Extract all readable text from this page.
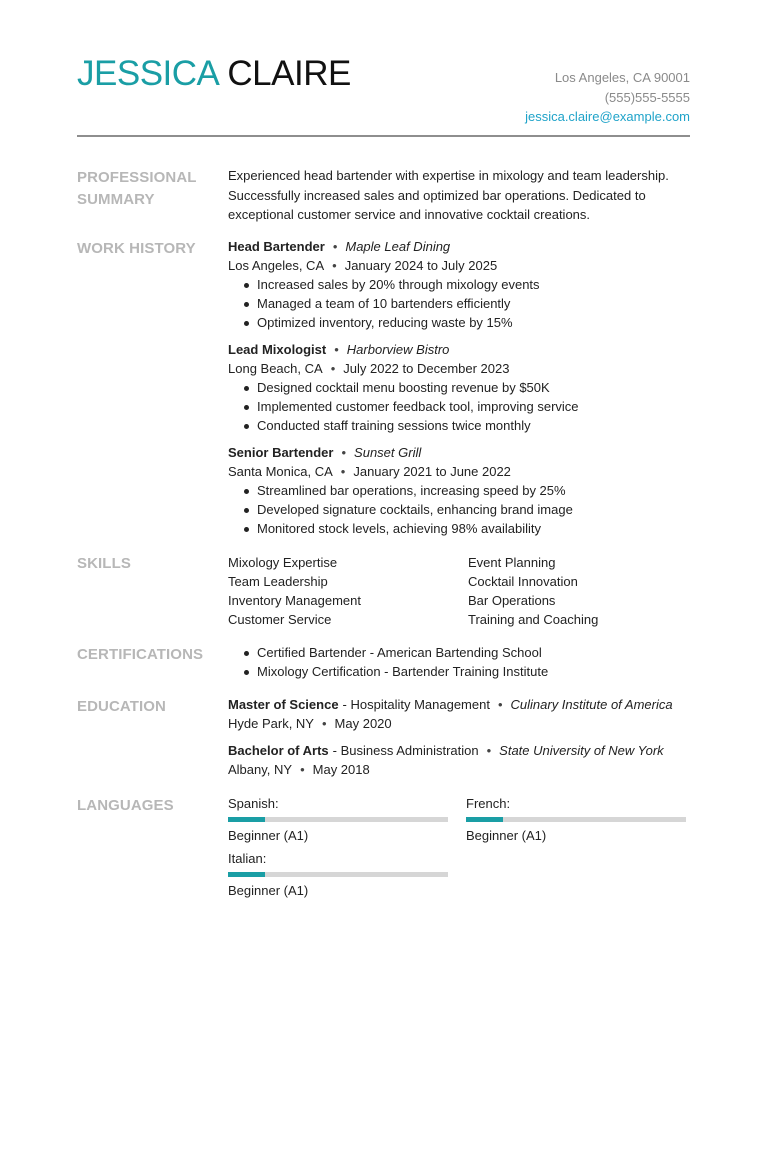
JESSICA CLAIRE	Los Angeles, CA 90001
(555)555-5555
jessica.claire@example.com
PROFESSIONAL
SUMMARY
Experienced head bartender with expertise in mixology and team leadership. Successfully increased sales and optimized bar operations. Dedicated to exceptional customer service and innovative cocktail creations.
WORK HISTORY	Head Bartender • Maple Leaf Dining
Los Angeles, CA • January 2024 to July 2025
Increased sales by 20% through mixology events
Managed a team of 10 bartenders efficiently
Optimized inventory, reducing waste by 15%
Lead Mixologist • Harborview Bistro
Long Beach, CA • July 2022 to December 2023
Designed cocktail menu boosting revenue by $50K
Implemented customer feedback tool, improving service
Conducted staff training sessions twice monthly
Senior Bartender • Sunset Grill
Santa Monica, CA • January 2021 to June 2022
Streamlined bar operations, increasing speed by 25%
Developed signature cocktails, enhancing brand image
Monitored stock levels, achieving 98% availability
SKILLS	Mixology Expertise	Event Planning
Team Leadership	Cocktail Innovation
Inventory Management	Bar Operations
Customer Service	Training and Coaching
CERTIFICATIONS	Certified Bartender - American Bartending School
Mixology Certification - Bartender Training Institute
EDUCATION	Master of Science - Hospitality Management • Culinary Institute of America
Hyde Park, NY • May 2020
Bachelor of Arts - Business Administration • State University of New York
Albany, NY • May 2018
LANGUAGES	Spanish:
Beginner (A1)
French:
Beginner (A1)
Italian:
Beginner (A1)
